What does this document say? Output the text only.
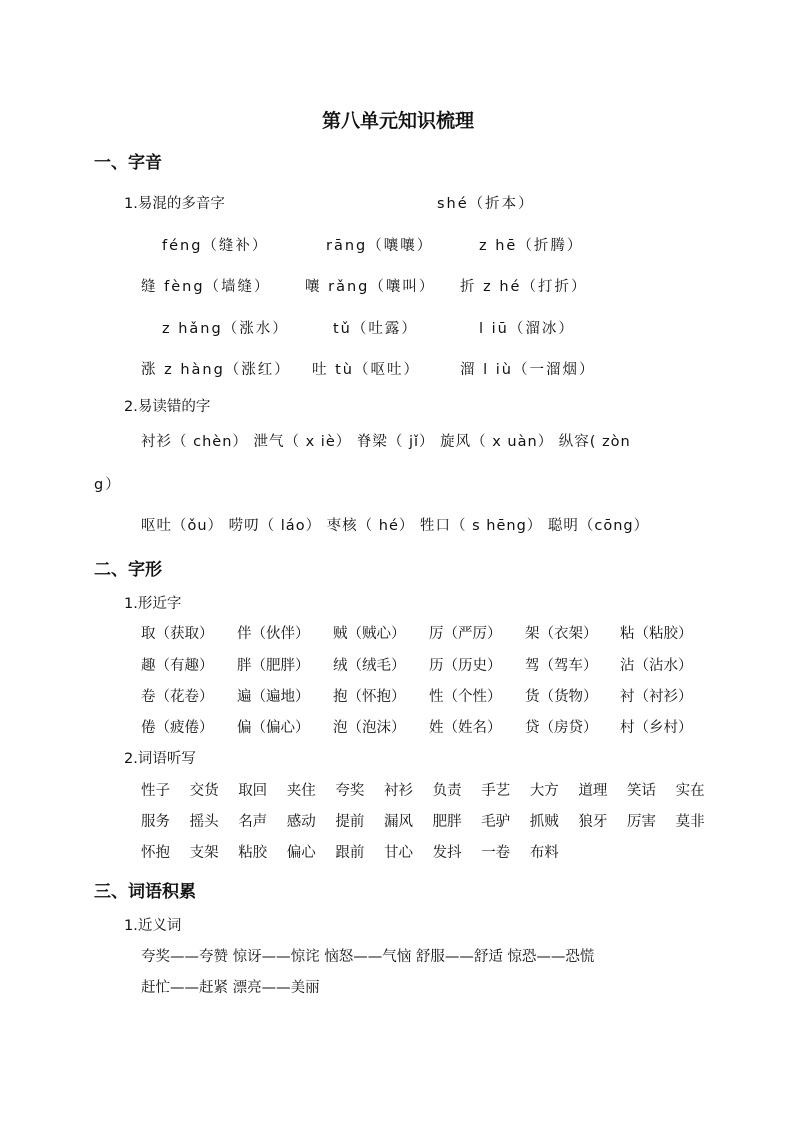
第八单元知识梳理
一、字音
1.易混的多音字	shé（折本）
féng（缝补）	rāng（嚷嚷）	z hē（折腾）
缝 fèng（墙缝） 嚷 rǎng（嚷叫） 折 z hé（打折）
z hǎng（涨水）	tǔ（吐露）	l iū（溜冰）
涨 z hàng（涨红） 吐 tù（呕吐）	溜 l iù（一溜烟）
2.易读错的字
衬衫（ chèn） 泄气（ x iè） 脊梁（ jǐ） 旋风（ x uàn） 纵容( zòn
g）
呕吐（ǒu） 唠叨（ láo） 枣核（ hé） 牲口（ s hēng） 聪明（cōng）
二、字形
1.形近字
取（获取） 伴（伙伴） 贼（贼心） 厉（严厉） 架（衣架） 粘（粘胶）
趣（有趣） 胖（肥胖） 绒（绒毛） 历（历史） 驾（驾车） 沾（沾水）
卷（花卷） 遍（遍地） 抱（怀抱） 性（个性） 货（货物） 衬（衬衫）
倦（疲倦） 偏（偏心） 泡（泡沫） 姓（姓名） 贷（房贷） 村（乡村）
2.词语听写
性子 交货 取回 夹住 夸奖 衬衫 负责 手艺 大方 道理 笑话 实在
服务 摇头 名声 感动 提前 漏风 肥胖 毛驴 抓贼 狼牙 厉害 莫非
怀抱 支架 粘胶 偏心 跟前 甘心 发抖 一卷 布料
三、词语积累
1.近义词
夸奖——夸赞 惊讶——惊诧 恼怒——气恼 舒服——舒适 惊恐——恐慌
赶忙——赶紧 漂亮——美丽
